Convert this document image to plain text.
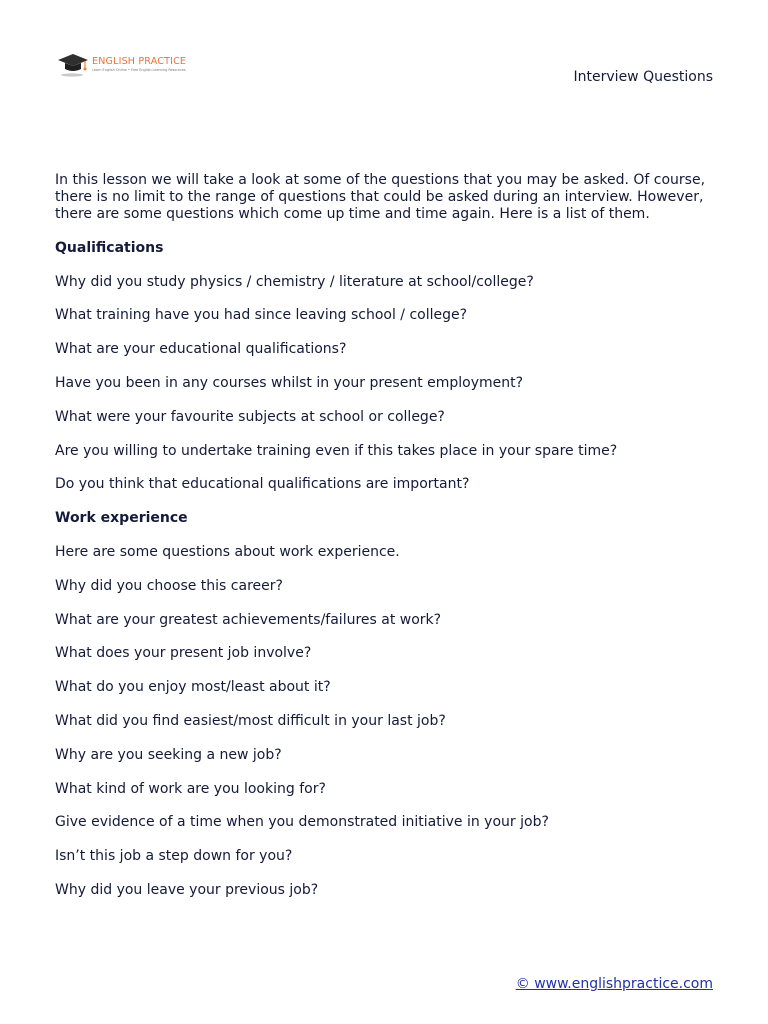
ENGLISH PRACTICE
Learn English Online • Free English Learning Resources	Interview Questions

In this lesson we will take a look at some of the questions that you may be asked. Of course, there is no limit to the range of questions that could be asked during an interview. However, there are some questions which come up time and time again. Here is a list of them.

Qualifications

Why did you study physics / chemistry / literature at school/college?

What training have you had since leaving school / college?

What are your educational qualifications?

Have you been in any courses whilst in your present employment?

What were your favourite subjects at school or college?

Are you willing to undertake training even if this takes place in your spare time?

Do you think that educational qualifications are important?

Work experience

Here are some questions about work experience.

Why did you choose this career?

What are your greatest achievements/failures at work?

What does your present job involve?

What do you enjoy most/least about it?

What did you find easiest/most difficult in your last job?

Why are you seeking a new job?

What kind of work are you looking for?

Give evidence of a time when you demonstrated initiative in your job?

Isn’t this job a step down for you?

Why did you leave your previous job?

© www.englishpractice.com
